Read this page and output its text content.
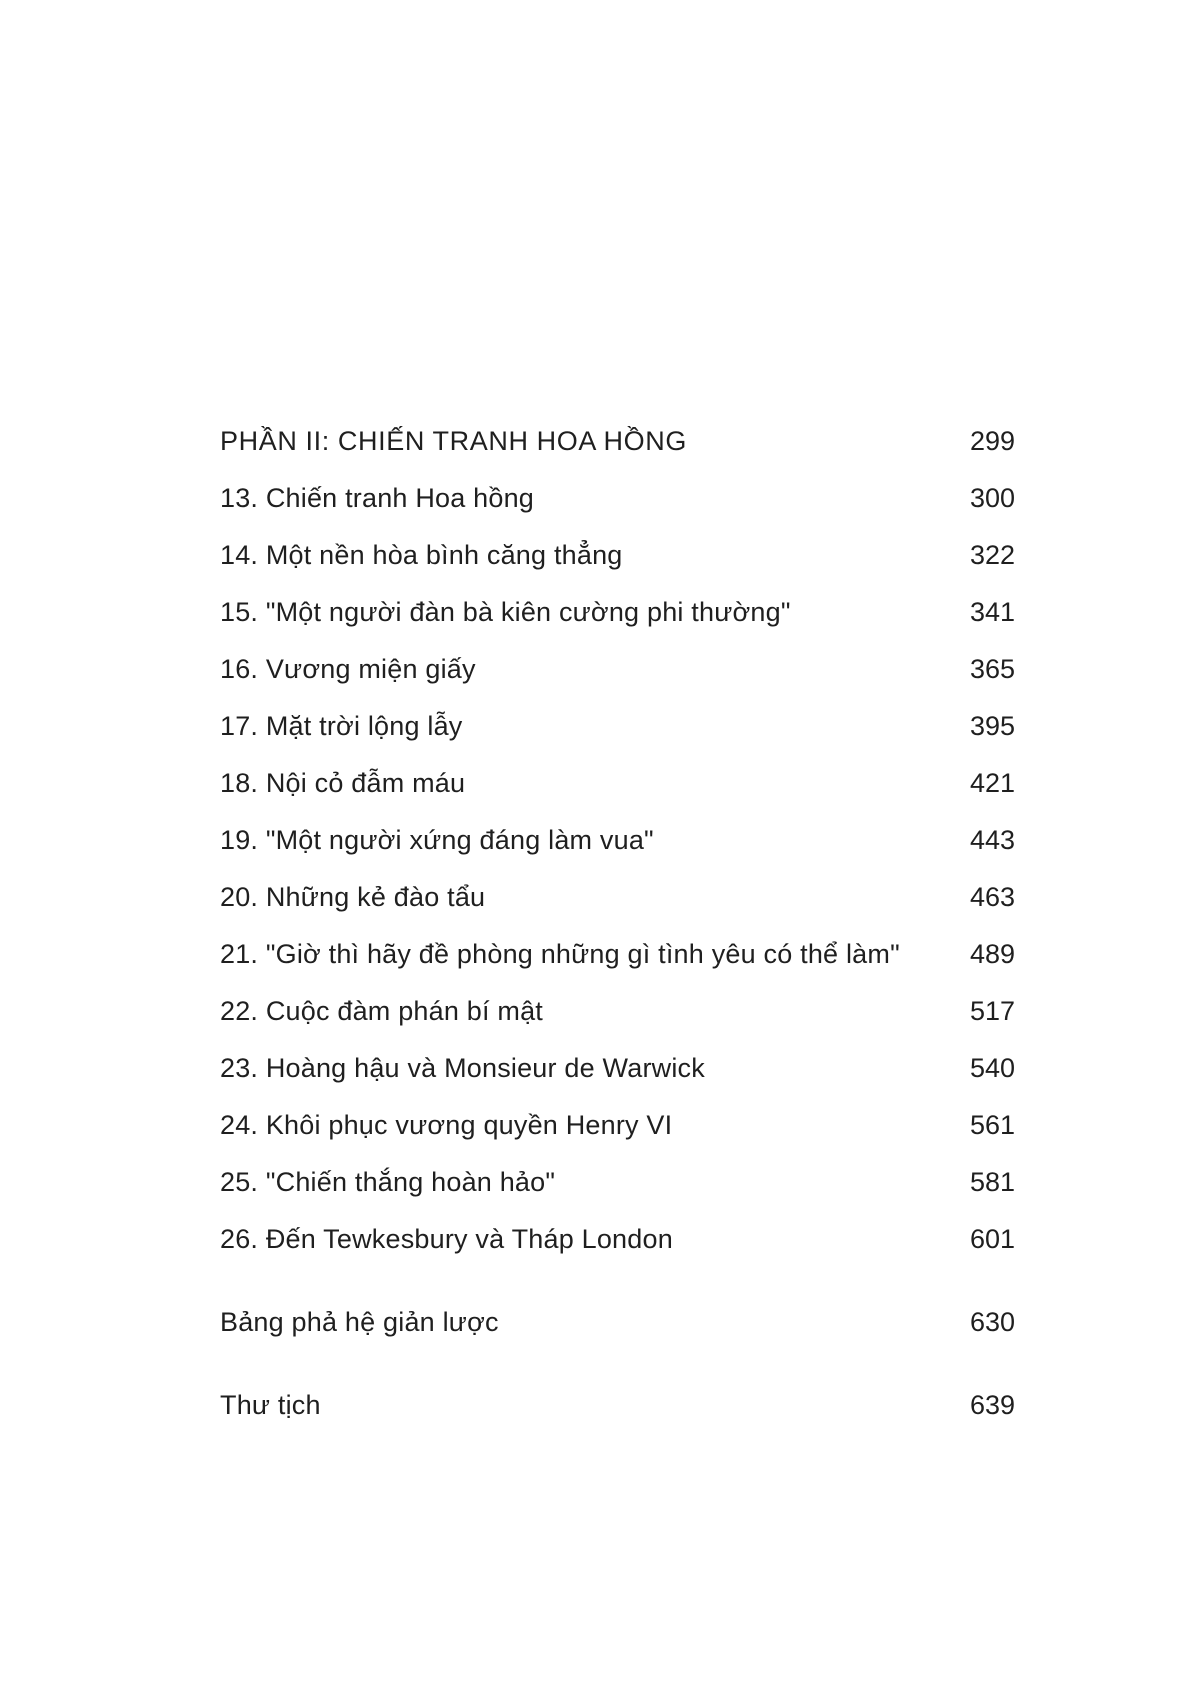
PHẦN II: CHIẾN TRANH HOA HỒNG	299
13. Chiến tranh Hoa hồng	300
14. Một nền hòa bình căng thẳng	322
15. "Một người đàn bà kiên cường phi thường"	341
16. Vương miện giấy	365
17. Mặt trời lộng lẫy	395
18. Nội cỏ đẫm máu	421
19. "Một người xứng đáng làm vua"	443
20. Những kẻ đào tẩu	463
21. "Giờ thì hãy đề phòng những gì tình yêu có thể làm"	489
22. Cuộc đàm phán bí mật	517
23. Hoàng hậu và Monsieur de Warwick	540
24. Khôi phục vương quyền Henry VI	561
25. "Chiến thắng hoàn hảo"	581
26. Đến Tewkesbury và Tháp London	601
Bảng phả hệ giản lược	630
Thư tịch	639
